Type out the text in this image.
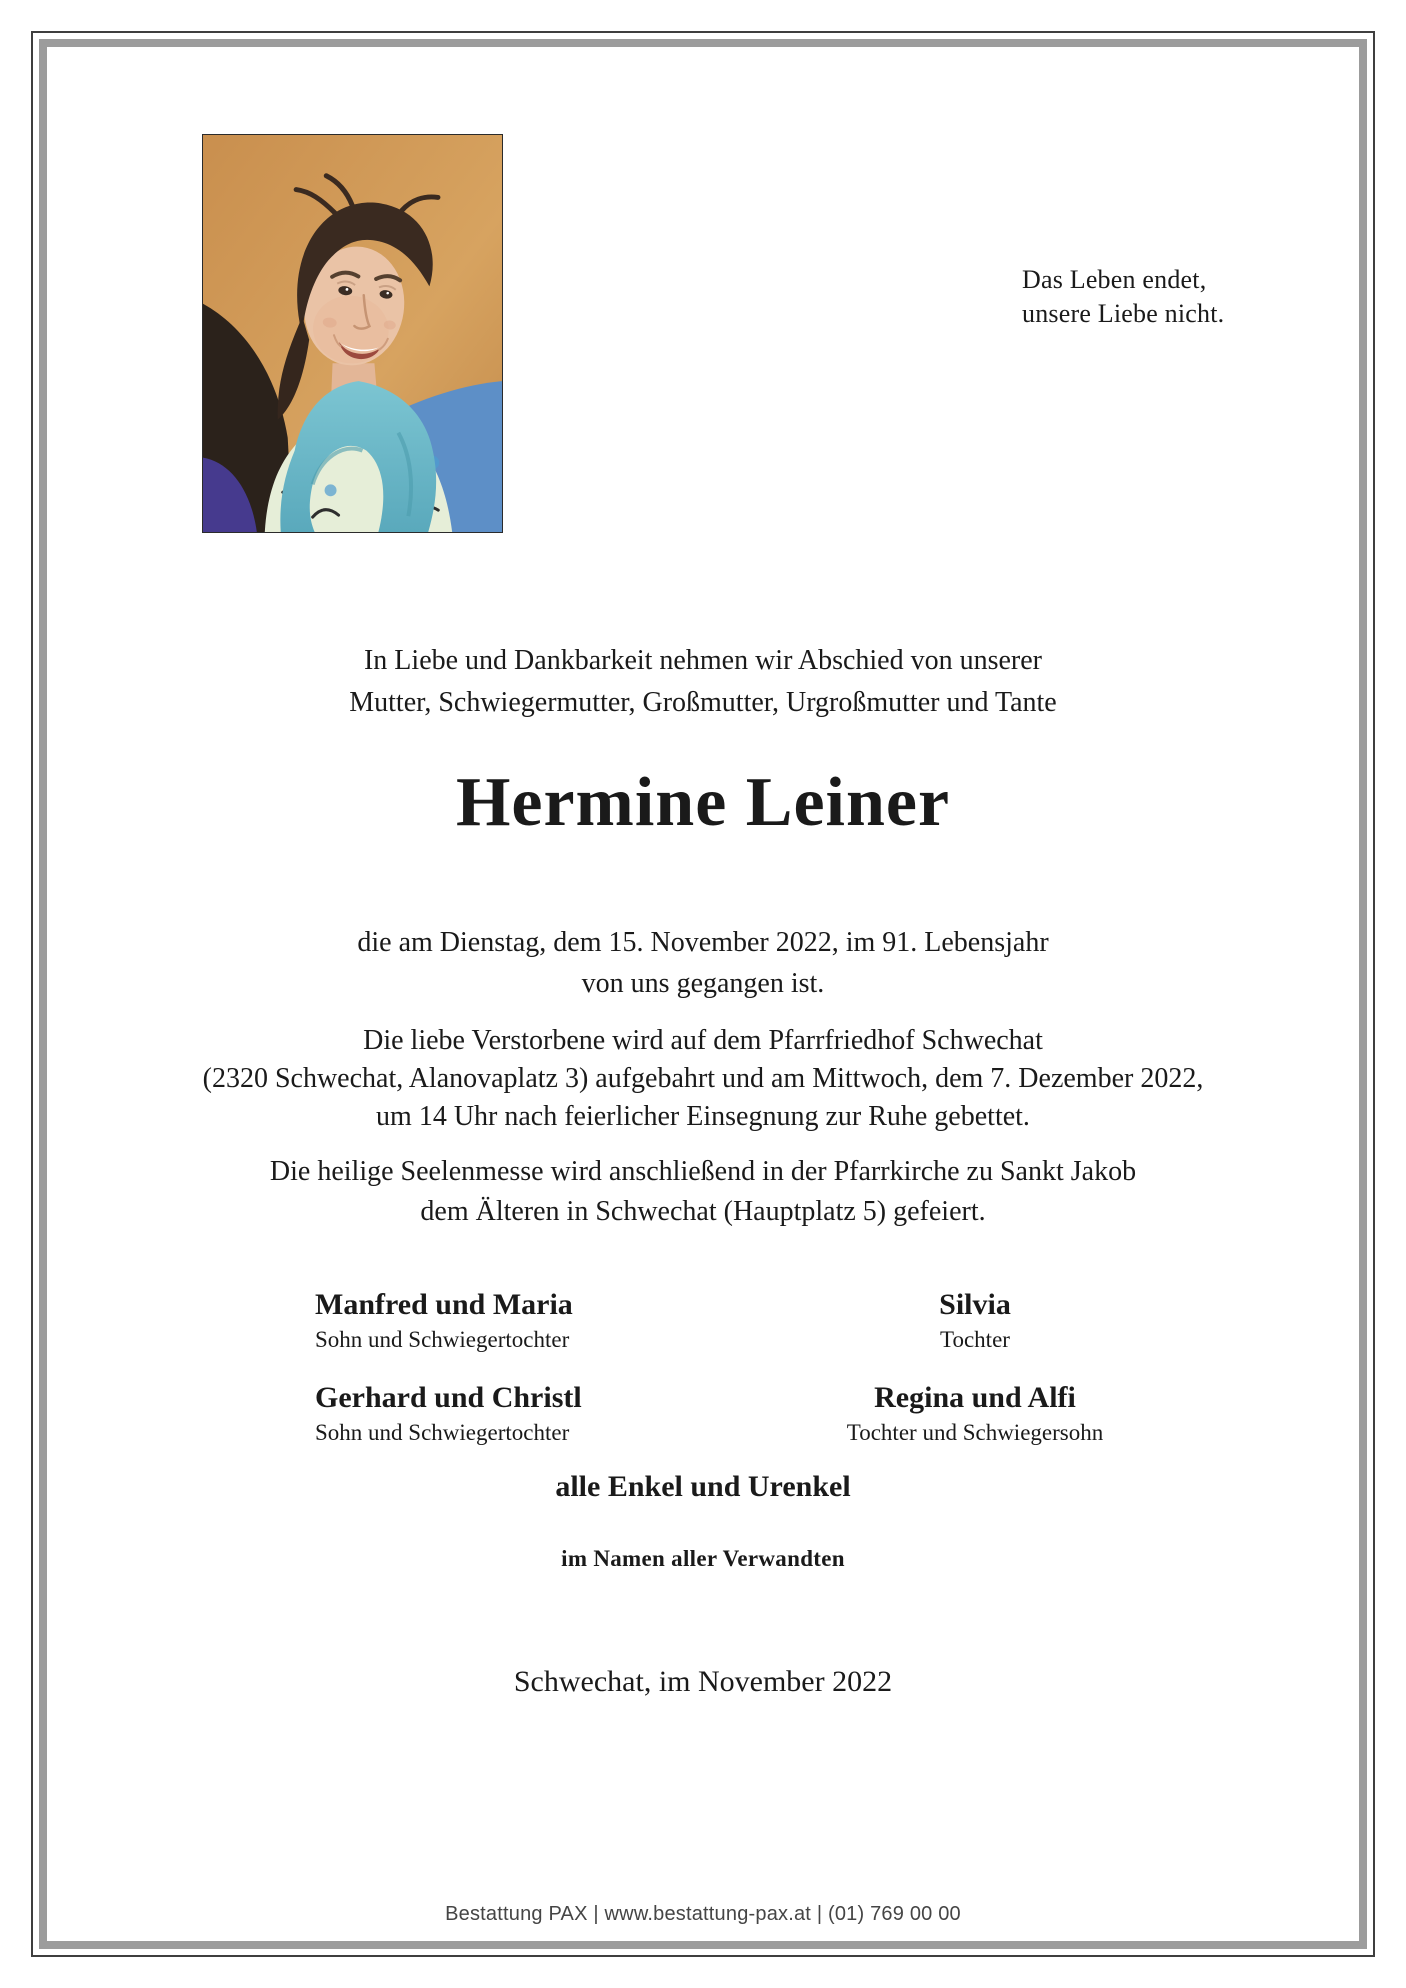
Das Leben endet,
unsere Liebe nicht.
In Liebe und Dankbarkeit nehmen wir Abschied von unserer
Mutter, Schwiegermutter, Großmutter, Urgroßmutter und Tante
Hermine Leiner
die am Dienstag, dem 15. November 2022, im 91. Lebensjahr
von uns gegangen ist.
Die liebe Verstorbene wird auf dem Pfarrfriedhof Schwechat
(2320 Schwechat, Alanovaplatz 3) aufgebahrt und am Mittwoch, dem 7. Dezember 2022,
um 14 Uhr nach feierlicher Einsegnung zur Ruhe gebettet.
Die heilige Seelenmesse wird anschließend in der Pfarrkirche zu Sankt Jakob
dem Älteren in Schwechat (Hauptplatz 5) gefeiert.
Manfred und Maria
Sohn und Schwiegertochter
Silvia
Tochter
Gerhard und Christl
Sohn und Schwiegertochter
Regina und Alfi
Tochter und Schwiegersohn
alle Enkel und Urenkel
im Namen aller Verwandten
Schwechat, im November 2022
Bestattung PAX | www.bestattung-pax.at | (01) 769 00 00
